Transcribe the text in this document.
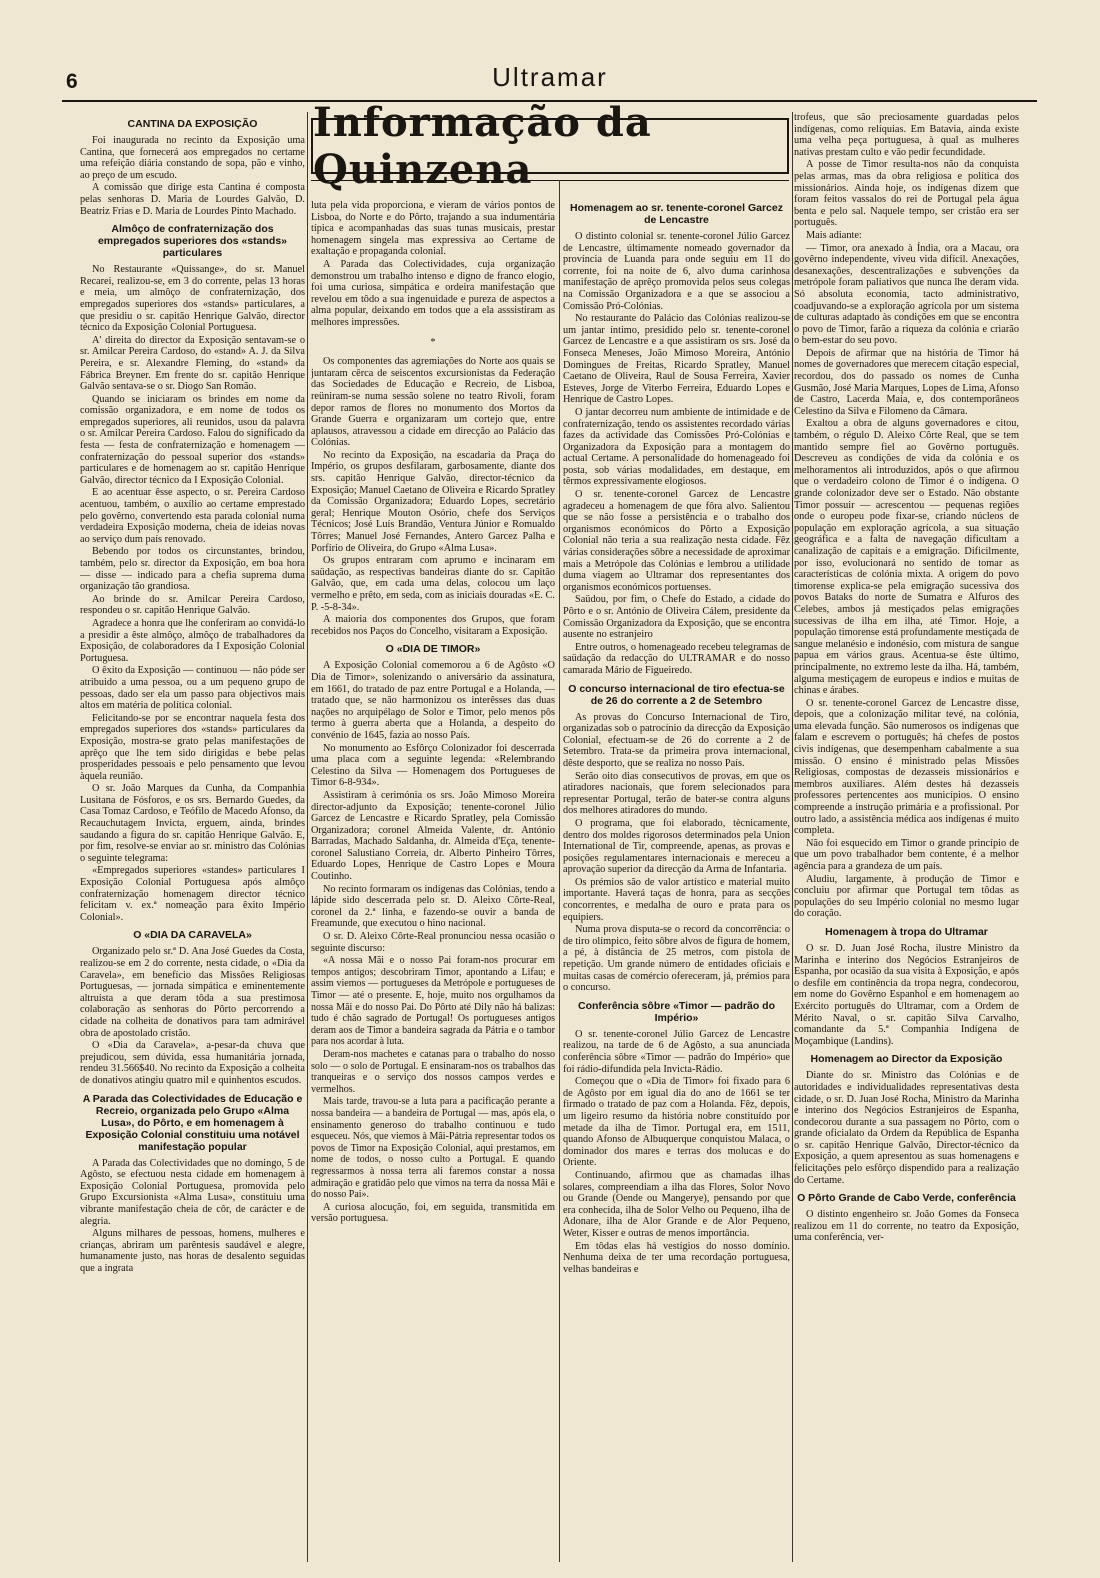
6	Ultramar
Informação da Quinzena
CANTINA DA EXPOSIÇÃO

Foi inaugurada no recinto da Exposição uma Cantina, que fornecerá aos empregados no certame uma refeição diária constando de sopa, pão e vinho, ao preço de um escudo.

A comissão que dirige esta Cantina é composta pelas senhoras D. Maria de Lourdes Galvão, D. Beatriz Frias e D. Maria de Lourdes Pinto Machado.

Almôço de confraternização dos empregados superiores dos «stands» particulares

No Restaurante «Quissange», do sr. Manuel Recarei, realizou-se, em 3 do corrente, pelas 13 horas e meia, um almôço de confraternização, dos empregados superiores dos «stands» particulares, a que presidiu o sr. capitão Henrique Galvão, director técnico da Exposição Colonial Portuguesa.

A' direita do director da Exposição sentavam-se o sr. Amilcar Pereira Cardoso, do «stand» A. J. da Silva Pereira, e sr. Alexandre Fleming, do «stand» da Fábrica Breyner. Em frente do sr. capitão Henrique Galvão sentava-se o sr. Diogo San Romão.

Quando se iniciaram os brindes em nome da comissão organizadora, e em nome de todos os empregados superiores, ali reunidos, usou da palavra o sr. Amilcar Pereira Cardoso. Falou do significado da festa — festa de confraternização e homenagem — confraternização do pessoal superior dos «stands» particulares e de homenagem ao sr. capitão Henrique Galvão, director técnico da I Exposição Colonial.

E ao acentuar êsse aspecto, o sr. Pereira Cardoso acentuou, também, o auxílio ao certame emprestado pelo govêrno, convertendo esta parada colonial numa verdadeira Exposição moderna, cheia de ideias novas ao serviço dum país renovado.

Bebendo por todos os circunstantes, brindou, também, pelo sr. director da Exposição, em boa hora — disse — indicado para a chefia suprema duma organização tão grandiosa.

Ao brinde do sr. Amilcar Pereira Cardoso, respondeu o sr. capitão Henrique Galvão.

Agradece a honra que lhe conferiram ao convidá-lo a presidir a êste almôço, almôço de trabalhadores da Exposição, de colaboradores da I Exposição Colonial Portuguesa.

O êxito da Exposição — continuou — não póde ser atribuido a uma pessoa, ou a um pequeno grupo de pessoas, dado ser ela um passo para objectivos mais altos em matéria de política colonial.

Felicitando-se por se encontrar naquela festa dos empregados superiores dos «stands» particulares da Exposição, mostra-se grato pelas manifestações de aprêço que lhe tem sido dirigidas e bebe pelas prosperidades pessoais e pelo pensamento que levou àquela reunião.

O sr. João Marques da Cunha, da Companhia Lusitana de Fósforos, e os srs. Bernardo Guedes, da Casa Tomaz Cardoso, e Teófilo de Macedo Afonso, da Recauchutagem Invicta, erguem, ainda, brindes saudando a figura do sr. capitão Henrique Galvão. E, por fim, resolve-se enviar ao sr. ministro das Colónias o seguinte telegrama:

«Empregados superiores «standes» particulares I Exposição Colonial Portuguesa após almôço confraternização homenagem director técnico felicitam v. ex.ª nomeação para êxito Império Colonial».

O «DIA DA CARAVELA»

Organizado pelo sr.ª D. Ana José Guedes da Costa, realizou-se em 2 do corrente, nesta cidade, o «Dia da Caravela», em benefício das Missões Religiosas Portuguesas, — jornada simpática e eminentemente altruista a que deram tôda a sua prestimosa colaboração as senhoras do Pôrto percorrendo a cidade na colheita de donativos para tam admirável obra de apostolado cristão.

O «Dia da Caravela», a-pesar-da chuva que prejudicou, sem dúvida, essa humanitária jornada, rendeu 31.566$40. No recinto da Exposição a colheita de donativos atingiu quatro mil e quinhentos escudos.

A Parada das Colectividades de Educação e Recreio, organizada pelo Grupo «Alma Lusa», do Pôrto, e em homenagem à Exposição Colonial constituiu uma notável manifestação popular

A Parada das Colectividades que no domingo, 5 de Agôsto, se efectuou nesta cidade em homenagem à Exposição Colonial Portuguesa, promovida pelo Grupo Excursionista «Alma Lusa», constituiu uma vibrante manifestação cheia de côr, de carácter e de alegria.

Alguns milhares de pessoas, homens, mulheres e crianças, abriram um parêntesis saudável e alegre, humanamente justo, nas horas de desalento seguidas que a ingrata

luta pela vida proporciona, e vieram de vários pontos de Lisboa, do Norte e do Pôrto, trajando a sua indumentária típica e acompanhadas das suas tunas musicais, prestar homenagem singela mas expressiva ao Certame de exaltação e propaganda colonial.

A Parada das Colectividades, cuja organização demonstrou um trabalho intenso e digno de franco elogio, foi uma curiosa, simpática e ordeira manifestação que revelou em tôdo a sua ingenuidade e pureza de aspectos a alma popular, deixando em todos que a ela asssistiram as melhores impressões.

*

Os componentes das agremiações do Norte aos quais se juntaram cêrca de seiscentos excursionistas da Federação das Sociedades de Educação e Recreio, de Lisboa, reüniram-se numa sessão solene no teatro Rivoli, foram depor ramos de flores no monumento dos Mortos da Grande Guerra e organizaram um cortejo que, entre aplausos, atravessou a cidade em direcção ao Palácio das Colónias.

No recinto da Exposição, na escadaria da Praça do Império, os grupos desfilaram, garbosamente, diante dos srs. capitão Henrique Galvão, director-técnico da Exposição; Manuel Caetano de Oliveira e Ricardo Spratley da Comissão Organizadora; Eduardo Lopes, secretário geral; Henrique Mouton Osório, chefe dos Serviços Técnicos; José Luís Brandão, Ventura Júnior e Romualdo Tôrres; Manuel José Fernandes, Antero Garcez Palha e Porfírio de Oliveira, do Grupo «Alma Lusa».

Os grupos entraram com aprumo e incinaram em saüdação, as respectivas bandeiras diante do sr. Capitão Galvão, que, em cada uma delas, colocou um laço vermelho e prêto, em seda, com as iniciais douradas «E. C. P. -5-8-34».

A maioria dos componentes dos Grupos, que foram recebidos nos Paços do Concelho, visitaram a Exposição.

O «DIA DE TIMOR»

A Exposição Colonial comemorou a 6 de Agôsto «O Dia de Timor», solenizando o aniversário da assinatura, em 1661, do tratado de paz entre Portugal e a Holanda, — tratado que, se não harmonizou os interêsses das duas nações no arquipélago de Solor e Timor, pelo menos pôs termo à guerra aberta que a Holanda, a despeito do convénio de 1645, fazia ao nosso País.

No monumento ao Esfôrço Colonizador foi descerrada uma placa com a seguinte legenda: «Relembrando Celestino da Silva — Homenagem dos Portugueses de Timor 6-8-934».

Assistiram à cerimónia os srs. João Mimoso Moreira director-adjunto da Exposição; tenente-coronel Júlio Garcez de Lencastre e Ricardo Spratley, pela Comissão Organizadora; coronel Almeida Valente, dr. António Barradas, Machado Saldanha, dr. Almeida d'Eça, tenente-coronel Salustiano Correia, dr. Alberto Pinheiro Tôrres, Eduardo Lopes, Henrique de Castro Lopes e Moura Coutinho.

No recinto formaram os indígenas das Colónias, tendo a lápide sido descerrada pelo sr. D. Aleixo Côrte-Real, coronel da 2.ª linha, e fazendo-se ouvir a banda de Freamunde, que executou o hino nacional.

O sr. D. Aleixo Côrte-Real pronunciou nessa ocasião o seguinte discurso:

«A nossa Mãi e o nosso Pai foram-nos procurar em tempos antigos; descobriram Timor, apontando a Lifau; e assim viemos — portugueses da Metrópole e portugueses de Timor — até o presente. E, hoje, muito nos orgulhamos da nossa Mãi e do nosso Pai. Do Pôrto até Dily não há balizas: tudo é chão sagrado de Portugal! Os portugueses antigos deram aos de Timor a bandeira sagrada da Pátria e o tambor para nos acordar à luta.

Deram-nos machetes e catanas para o trabalho do nosso solo — o solo de Portugal. E ensinaram-nos os trabalhos das tranqueiras e o serviço dos nossos campos verdes e vermelhos.

Mais tarde, travou-se a luta para a pacificação perante a nossa bandeira — a bandeira de Portugal — mas, após ela, o ensinamento generoso do trabalho continuou e tudo esqueceu. Nós, que viemos à Mãi-Pátria representar todos os povos de Timor na Exposição Colonial, aqui prestamos, em nome de todos, o nosso culto a Portugal. E quando regressarmos à nossa terra ali faremos constar a nossa admiração e gratidão pelo que vimos na terra da nossa Mãi e do nosso Pai».

A curiosa alocução, foi, em seguida, transmitida em versão portuguesa.

Homenagem ao sr. tenente-coronel Garcez de Lencastre

O distinto colonial sr. tenente-coronel Júlio Garcez de Lencastre, últimamente nomeado governador da província de Luanda para onde seguiu em 11 do corrente, foi na noite de 6, alvo duma carinhosa manifestação de aprêço promovida pelos seus colegas na Comissão Organizadora e a que se associou a Comissão Pró-Colónias.

No restaurante do Palácio das Colónias realizou-se um jantar íntimo, presidido pelo sr. tenente-coronel Garcez de Lencastre e a que assistiram os srs. José da Fonseca Meneses, João Mimoso Moreira, António Domingues de Freitas, Ricardo Spratley, Manuel Caetano de Oliveira, Raul de Sousa Ferreira, Xavier Esteves, Jorge de Viterbo Ferreira, Eduardo Lopes e Henrique de Castro Lopes.

O jantar decorreu num ambiente de intimidade e de confraternização, tendo os assistentes recordado várias fazes da actividade das Comissões Pró-Colónias e Organizadora da Exposição para a montagem do actual Certame. A personalidade do homenageado foi posta, sob várias modalidades, em destaque, em têrmos expressivamente elogiosos.

O sr. tenente-coronel Garcez de Lencastre agradeceu a homenagem de que fôra alvo. Salientou que se não fosse a persistência e o trabalho dos organismos económicos do Pôrto a Exposição Colonial não teria a sua realização nesta cidade. Fêz várias considerações sôbre a necessidade de aproximar mais a Metrópole das Colónias e lembrou a utilidade duma viagem ao Ultramar dos representantes dos organismos económicos portuenses.

Saüdou, por fim, o Chefe do Estado, a cidade do Pôrto e o sr. António de Oliveira Cálem, presidente da Comissão Organizadora da Exposição, que se encontra ausente no estranjeiro

Entre outros, o homenageado recebeu telegramas de saüdação da redacção do ULTRAMAR e do nosso camarada Mário de Figueiredo.

O concurso internacional de tiro efectua-se de 26 do corrente a 2 de Setembro

As provas do Concurso Internacional de Tiro, organizadas sob o patrocínio da direcção da Exposição Colonial, efectuam-se de 26 do corrente a 2 de Setembro. Trata-se da primeira prova internacional, dêste desporto, que se realiza no nosso País.

Serão oito dias consecutivos de provas, em que os atiradores nacionais, que forem selecionados para representar Portugal, terão de bater-se contra alguns dos melhores atiradores do mundo.

O programa, que foi elaborado, tècnicamente, dentro dos moldes rigorosos determinados pela Union International de Tir, compreende, apenas, as provas e posições regulamentares internacionais e mereceu a aprovação superior da direcção da Arma de Infantaria.

Os prémios são de valor artístico e material muito importante. Haverá taças de honra, para as secções concorrentes, e medalha de ouro e prata para os equipiers.

Numa prova disputa-se o record da concorrência: o de tiro olímpico, feito sôbre alvos de figura de homem, a pé, à distância de 25 metros, com pistola de repetição. Um grande número de entidades oficiais e muitas casas de comércio ofereceram, já, prémios para o concurso.

Conferência sôbre «Timor — padrão do Império»

O sr. tenente-coronel Júlio Garcez de Lencastre realizou, na tarde de 6 de Agôsto, a sua anunciada conferência sôbre «Timor — padrão do Império» que foi rádio-difundida pela Invicta-Rádio.

Começou que o «Dia de Timor» foi fixado para 6 de Agôsto por em igual dia do ano de 1661 se ter firmado o tratado de paz com a Holanda. Fêz, depois, um ligeiro resumo da história nobre constituído por metade da ilha de Timor. Portugal era, em 1511, quando Afonso de Albuquerque conquistou Malaca, o dominador dos mares e terras dos molucas e do Oriente.

Continuando, afirmou que as chamadas ilhas solares, compreendiam a ilha das Flores, Solor Novo ou Grande (Oende ou Mangerye), pensando por que era conhecida, ilha de Solor Velho ou Pequeno, ilha de Adonare, ilha de Alor Grande e de Alor Pequeno, Weter, Kisser e outras de menos importância.

Em tôdas elas há vestígios do nosso domínio. Nenhuma deixa de ter uma recordação portuguesa, velhas bandeiras e

trofeus, que são preciosamente guardadas pelos indígenas, como relíquias. Em Batavia, ainda existe uma velha peça portuguesa, à qual as mulheres nativas prestam culto e vão pedir fecundidade.

A posse de Timor resulta-nos não da conquista pelas armas, mas da obra religiosa e política dos missionários. Ainda hoje, os indígenas dizem que foram feitos vassalos do rei de Portugal pela água benta e pelo sal. Naquele tempo, ser cristão era ser português.

Mais adiante:

— Timor, ora anexado à Índia, ora a Macau, ora govêrno independente, viveu vida difícil. Anexações, desanexações, descentralizações e subvenções da metrópole foram paliativos que nunca lhe deram vida. Só absoluta economia, tacto administrativo, coadjuvando-se a exploração agrícola por um sistema de culturas adaptado às condições em que se encontra o povo de Timor, farão a riqueza da colónia e criarão o bem-estar do seu povo.

Depois de afirmar que na história de Timor há nomes de governadores que merecem citação especial, recordou, dos do passado os nomes de Cunha Gusmão, José Maria Marques, Lopes de Lima, Afonso de Castro, Lacerda Maia, e, dos contemporâneos Celestino da Silva e Filomeno da Câmara.

Exaltou a obra de alguns governadores e citou, também, o régulo D. Aleixo Côrte Real, que se tem mantido sempre fiel ao Govêrno português. Descreveu as condições de vida da colónia e os melhoramentos ali introduzidos, após o que afirmou que o verdadeiro colono de Timor é o indígena. O grande colonizador deve ser o Estado. Não obstante Timor possuir — acrescentou — pequenas regiões onde o europeu pode fixar-se, criando núcleos de população em exploração agrícola, a sua situação geográfica e a falta de navegação dificultam a canalização de capitais e a emigração. Dificilmente, por isso, evolucionará no sentido de tomar as características de colónia mixta. A origem do povo timorense explica-se pela emigração sucessiva dos povos Bataks do norte de Sumatra e Alfuros des Celebes, ambos já mestiçados pelas emigrações sucessivas de ilha em ilha, até Timor. Hoje, a população timorense está profundamente mestiçada de sangue melanésio e indonésio, com mistura de sangue papua em vários graus. Acentua-se êste último, principalmente, no extremo leste da ilha. Há, também, alguma mestiçagem de europeus e indios e muitas de chinas e árabes.

O sr. tenente-coronel Garcez de Lencastre disse, depois, que a colonização militar tevé, na colónia, uma elevada função. São numerosos os indígenas que falam e escrevem o português; há chefes de postos civis indígenas, que desempenham cabalmente a sua missão. O ensino é ministrado pelas Missões Religiosas, compostas de dezasseis missionários e membros auxiliares. Além destes há dezasseis professores pertencentes aos municípios. O ensino compreende a instrução primária e a profissional. Por outro lado, a assistência médica aos indígenas é muito completa.

Não foi esquecido em Timor o grande princípio de que um povo trabalhador bem contente, é a melhor agência para a grandeza de um país.

Aludiu, largamente, à produção de Timor e concluiu por afirmar que Portugal tem tôdas as populações do seu Império colonial no mesmo lugar do coração.

Homenagem à tropa do Ultramar

O sr. D. Juan José Rocha, ilustre Ministro da Marinha e interino dos Negócios Estranjeiros de Espanha, por ocasião da sua visita à Exposição, e após o desfile em continência da tropa negra, condecorou, em nome do Govêrno Espanhol e em homenagem ao Exército português do Ultramar, com a Ordem de Mérito Naval, o sr. capitão Silva Carvalho, comandante da 5.ª Companhia Indígena de Moçambique (Landins).

Homenagem ao Director da Exposição

Diante do sr. Ministro das Colónias e de autoridades e individualidades representativas desta cidade, o sr. D. Juan José Rocha, Ministro da Marinha e interino dos Negócios Estranjeiros de Espanha, condecorou durante a sua passagem no Pôrto, com o grande oficialato da Ordem da República de Espanha o sr. capitão Henrique Galvão, Director-técnico da Exposição, a quem apresentou as suas homenagens e felicitações pelo esfôrço dispendido para a realização do Certame.

O Pôrto Grande de Cabo Verde, conferência

O distinto engenheiro sr. João Gomes da Fonseca realizou em 11 do corrente, no teatro da Exposição, uma conferência, ver-
